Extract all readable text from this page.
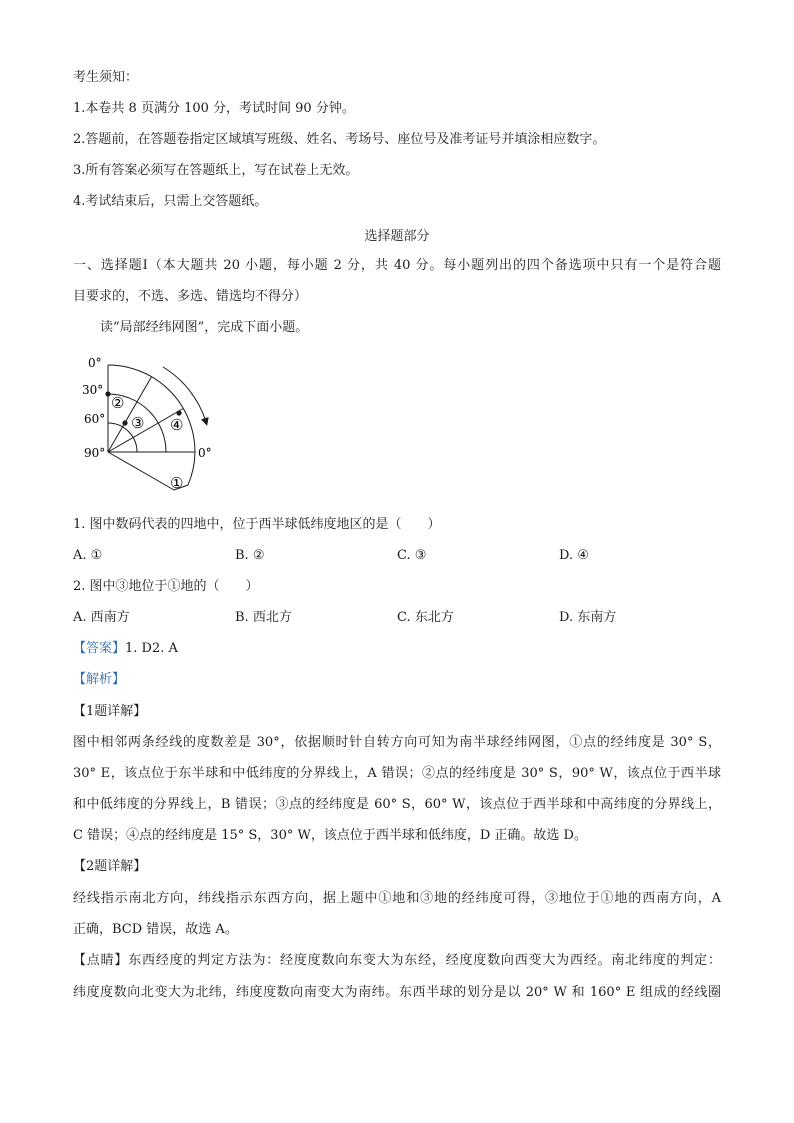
考生须知：
1.本卷共 8 页满分 100 分，考试时间 90 分钟。
2.答题前，在答题卷指定区域填写班级、姓名、考场号、座位号及准考证号并填涂相应数字。
3.所有答案必须写在答题纸上，写在试卷上无效。
4.考试结束后，只需上交答题纸。
选择题部分
一、选择题Ⅰ（本大题共 20 小题，每小题 2 分，共 40 分。每小题列出的四个备选项中只有一个是符合题
目要求的，不选、多选、错选均不得分）
读“局部经纬网图”，完成下面小题。
0°
30°
60°
90°	0°
①
②
③ ④
1. 图中数码代表的四地中，位于西半球低纬度地区的是（　　）
A. ①	B. ②	C. ③	D. ④
2. 图中③地位于①地的（　　）
A. 西南方	B. 西北方	C. 东北方	D. 东南方
【答案】1. D2. A
【解析】
【1题详解】
图中相邻两条经线的度数差是 30°，依据顺时针自转方向可知为南半球经纬网图，①点的经纬度是 30° S，
30° E，该点位于东半球和中低纬度的分界线上，A 错误；②点的经纬度是 30° S，90° W，该点位于西半球
和中低纬度的分界线上，B 错误；③点的经纬度是 60° S，60° W，该点位于西半球和中高纬度的分界线上，
C 错误；④点的经纬度是 15° S，30° W，该点位于西半球和低纬度，D 正确。故选 D。
【2题详解】
经线指示南北方向，纬线指示东西方向，据上题中①地和③地的经纬度可得，③地位于①地的西南方向，A
正确，BCD 错误，故选 A。
【点睛】东西经度的判定方法为：经度度数向东变大为东经，经度度数向西变大为西经。南北纬度的判定：
纬度度数向北变大为北纬，纬度度数向南变大为南纬。东西半球的划分是以 20° W 和 160° E 组成的经线圈
